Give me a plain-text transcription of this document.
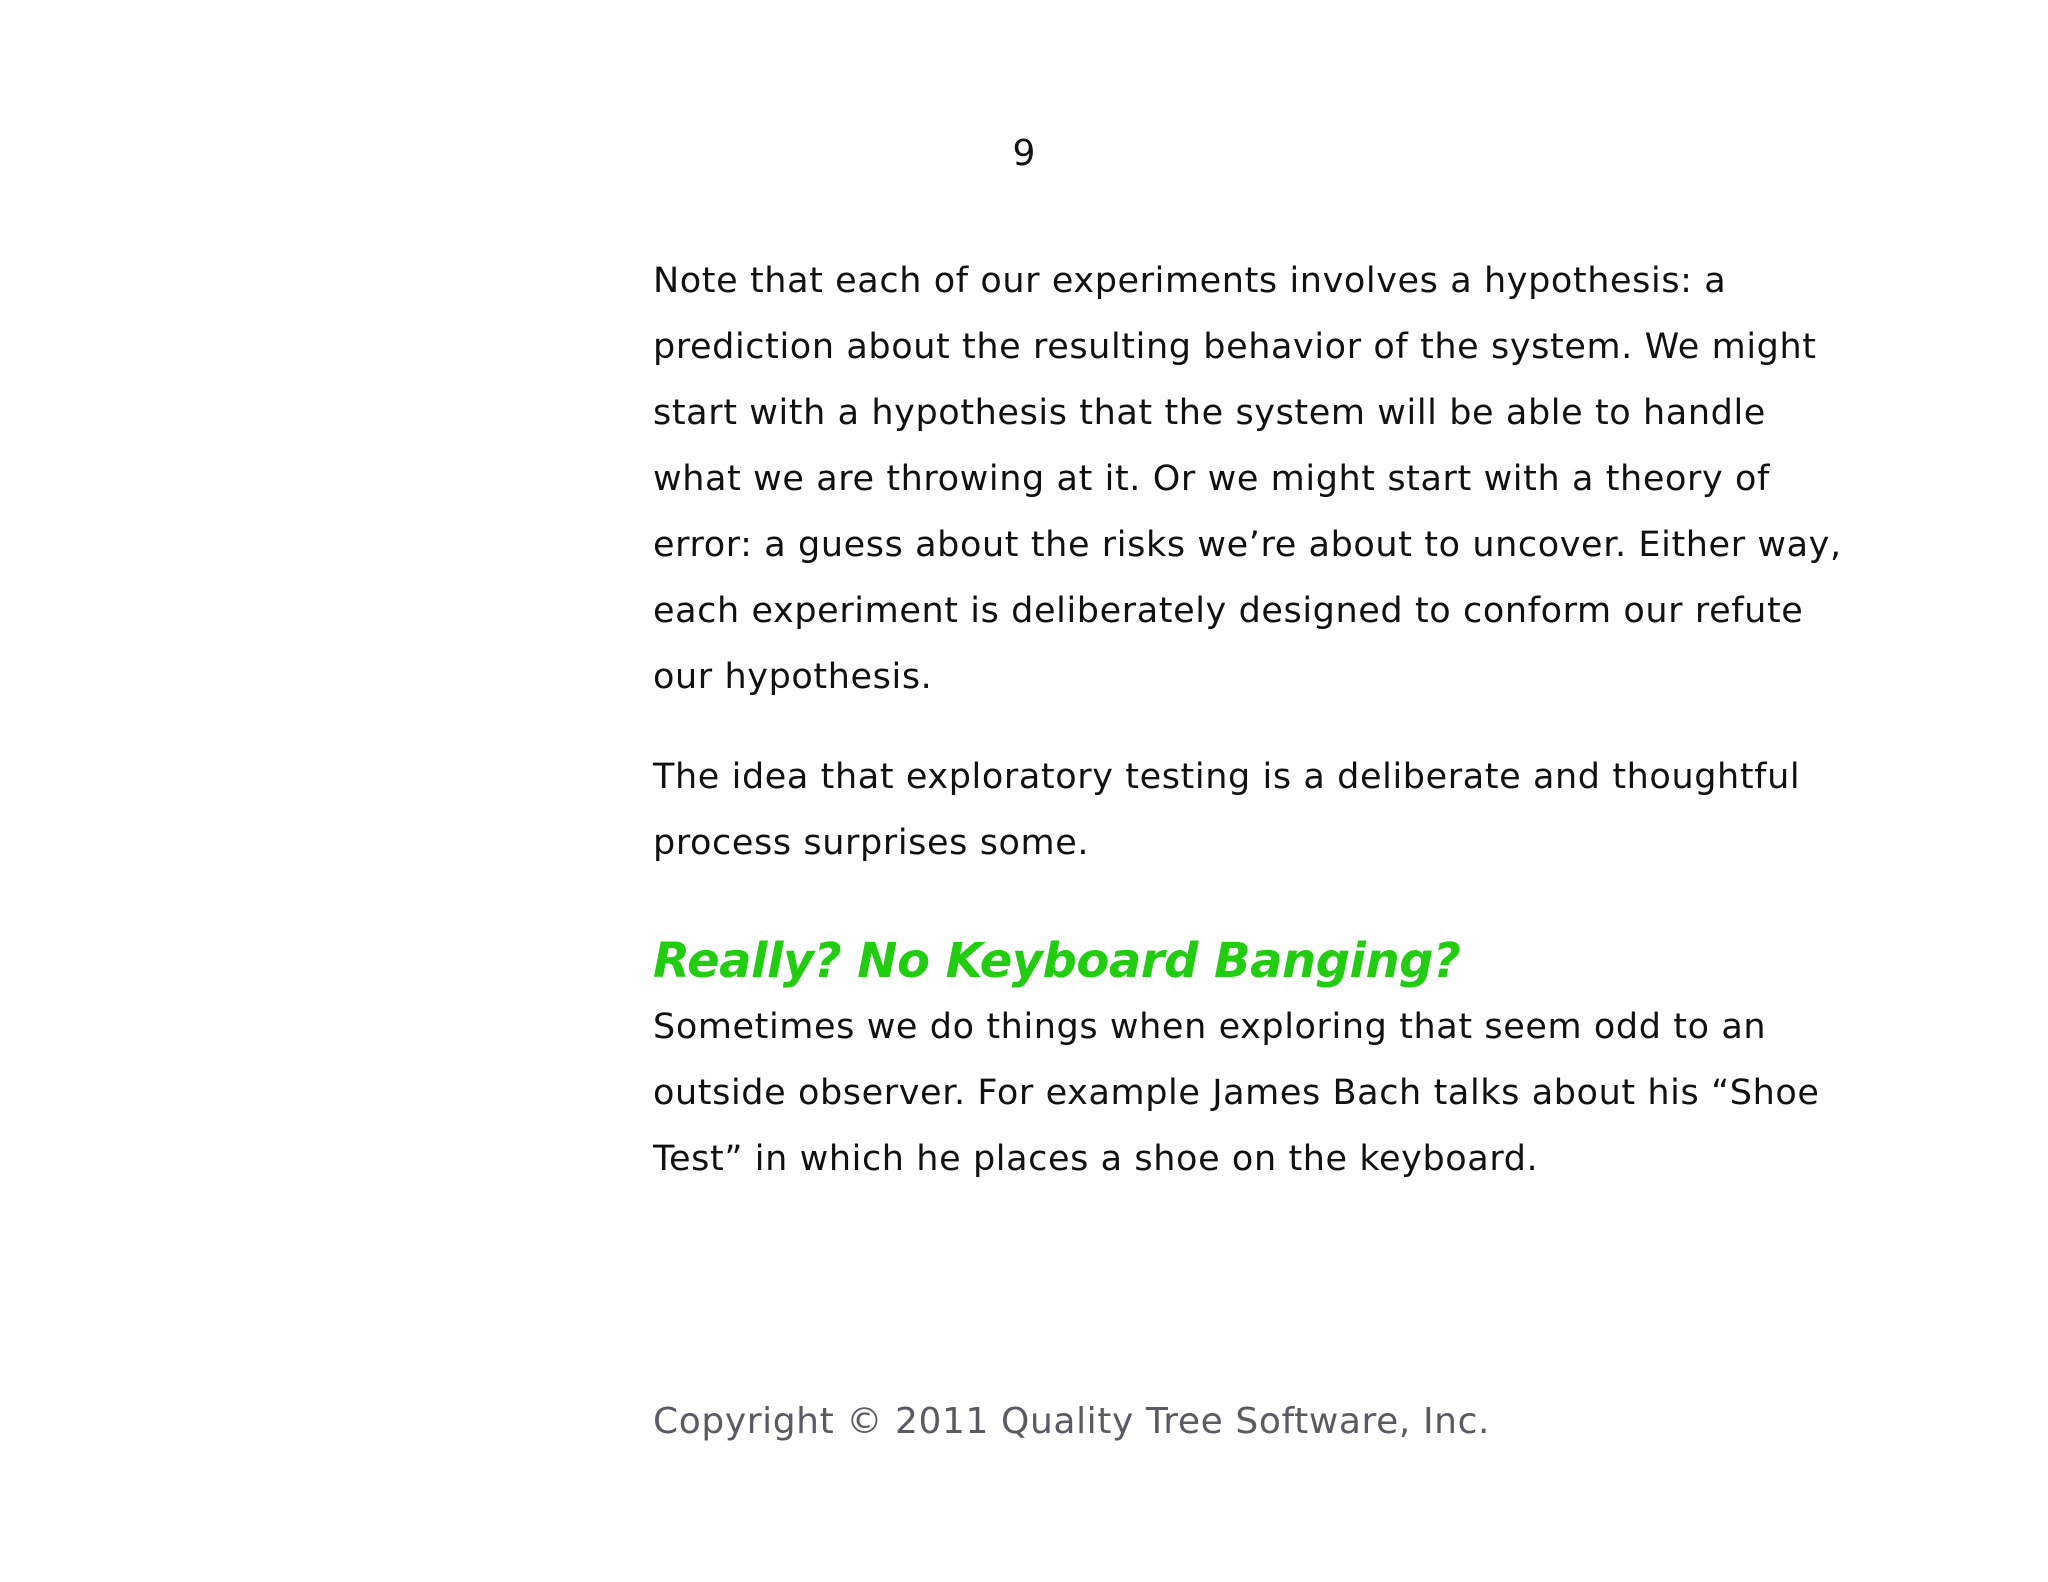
9

Note that each of our experiments involves a hypothesis: a prediction about the resulting behavior of the system. We might start with a hypothesis that the system will be able to handle what we are throwing at it. Or we might start with a theory of error: a guess about the risks we’re about to uncover. Either way, each experiment is deliberately designed to conform our refute our hypothesis.

The idea that exploratory testing is a deliberate and thoughtful process surprises some.

Really? No Keyboard Banging?

Sometimes we do things when exploring that seem odd to an outside observer. For example James Bach talks about his “Shoe Test” in which he places a shoe on the keyboard.

Copyright © 2011 Quality Tree Software, Inc.
